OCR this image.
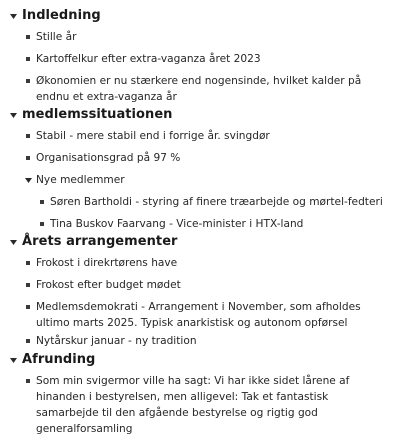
Indledning
Stille år
Kartoffelkur efter extra-vaganza året 2023
Økonomien er nu stærkere end nogensinde, hvilket kalder på endnu et extra-vaganza år
medlemssituationen
Stabil - mere stabil end i forrige år. svingdør
Organisationsgrad på 97 %
Nye medlemmer
Søren Bartholdi - styring af finere træarbejde og mørtel-fedteri
Tina Buskov Faarvang - Vice-minister i HTX-land
Årets arrangementer
Frokost i direkrtørens have
Frokost efter budget mødet
Medlemsdemokrati - Arrangement i November, som afholdes ultimo marts 2025. Typisk anarkistisk og autonom opførsel
Nytårskur januar - ny tradition
Afrunding
Som min svigermor ville ha sagt: Vi har ikke sidet lårene af hinanden i bestyrelsen, men alligevel: Tak et fantastisk samarbejde til den afgående bestyrelse og rigtig god generalforsamling
